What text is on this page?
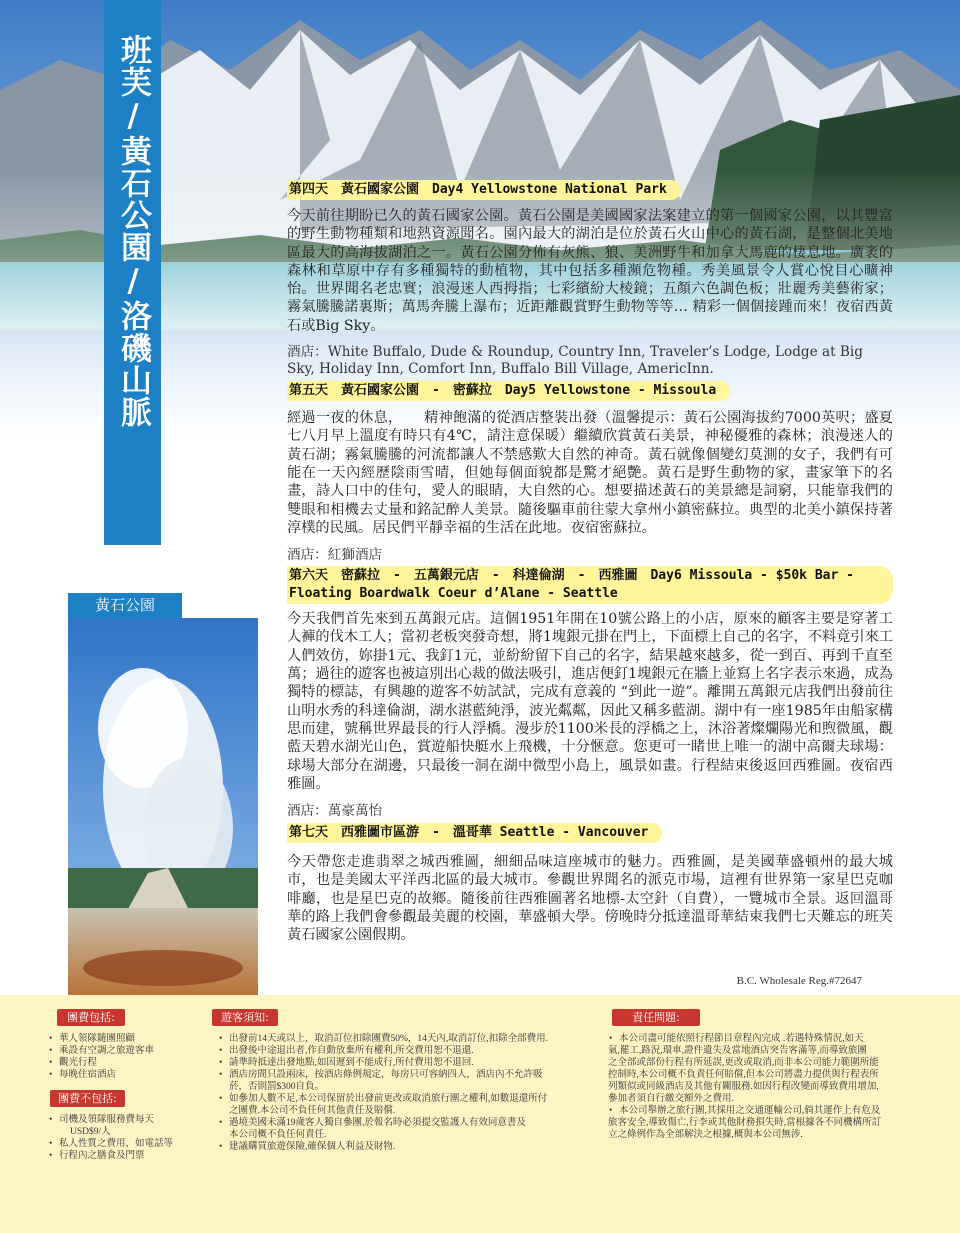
班芙/黃石公園/洛磯山脈
黃石公園
第四天　黃石國家公園　Day4 Yellowstone National Park

今天前往期盼已久的黃石國家公園。黃石公園是美國國家法案建立的第一個國家公園，以其豐富的野生動物種類和地熱資源聞名。園內最大的湖泊是位於黃石火山中心的黃石湖，是整個北美地區最大的高海拔湖泊之一。黃石公園分佈有灰熊、狼、美洲野牛和加拿大馬鹿的棲息地。廣袤的森林和草原中存有多種獨特的動植物，其中包括多種瀕危物種。秀美風景令人賞心悅目心曠神怡。世界聞名老忠實；浪漫迷人西拇指；七彩繽紛大棱鏡；五顏六色調色板；壯麗秀美藝術家；霧氣騰騰諾裏斯；萬馬奔騰上瀑布；近距離觀賞野生動物等等… 精彩一個個接踵而來！夜宿西黃石或Big Sky。

酒店：White Buffalo, Dude & Roundup, Country Inn, Traveler’s Lodge, Lodge at Big Sky, Holiday Inn, Comfort Inn, Buffalo Bill Village, AmericInn.

第五天　黃石國家公園　-　密蘇拉　Day5 Yellowstone - Missoula

經過一夜的休息，　　精神飽滿的從酒店整裝出發（溫馨提示：黃石公園海拔約7000英呎；盛夏七八月早上溫度有時只有4℃，請注意保暖）繼續欣賞黃石美景，神秘優雅的森林；浪漫迷人的黃石湖；霧氣騰騰的河流都讓人不禁感歎大自然的神奇。黃石就像個變幻莫測的女子，我們有可能在一天內經歷陰雨雪晴，但她每個面貌都是驚才絕艷。黃石是野生動物的家，畫家筆下的名畫，詩人口中的佳句，愛人的眼睛，大自然的心。想要描述黃石的美景總是詞窮，只能靠我們的雙眼和相機去丈量和銘記醉人美景。隨後驅車前往蒙大拿州小鎮密蘇拉。典型的北美小鎮保持著淳樸的民風。居民們平靜幸福的生活在此地。夜宿密蘇拉。

酒店：紅獅酒店

第六天　密蘇拉　-　五萬銀元店　-　科達倫湖　-　西雅圖　Day6 Missoula - $50k Bar - Floating Boardwalk Coeur d’Alane - Seattle

今天我們首先來到五萬銀元店。這個1951年開在10號公路上的小店，原來的顧客主要是穿著工人褲的伐木工人；當初老板突發奇想，將1塊銀元掛在門上，下面標上自己的名字，不料竟引來工人們效仿，妳掛1元、我釘1元，並紛紛留下自己的名字，結果越來越多，從一到百、再到千直至萬；過往的遊客也被這別出心裁的做法吸引，進店便釘1塊銀元在牆上並寫上名字表示來過，成為獨特的標誌，有興趣的遊客不妨試試，完成有意義的 “到此一遊”。離開五萬銀元店我們出發前往山明水秀的科達倫湖，湖水湛藍純淨，波光粼粼，因此又稱多藍湖。湖中有一座1985年由船家構思而建，號稱世界最長的行人浮橋。漫步於1100米長的浮橋之上，沐浴著燦爛陽光和煦微風，觀藍天碧水湖光山色，賞遊船快艇水上飛機，十分愜意。您更可一睹世上唯一的湖中高爾夫球場：球場大部分在湖邊，只最後一洞在湖中微型小島上，風景如畫。行程結束後返回西雅圖。夜宿西雅圖。

酒店：萬豪萬怡

第七天　西雅圖市區游　-　溫哥華 Seattle - Vancouver

今天帶您走進翡翠之城西雅圖，細細品味這座城市的魅力。西雅圖，是美國華盛頓州的最大城市，也是美國太平洋西北區的最大城市。參觀世界聞名的派克市場，這裡有世界第一家星巴克咖啡廳，也是星巴克的故鄉。隨後前往西雅圖著名地標-太空針（自費），一覽城市全景。返回溫哥華的路上我們會參觀最美麗的校園，華盛頓大學。傍晚時分抵達溫哥華結束我們七天難忘的班芙黃石國家公園假期。

B.C. Wholesale Reg.#72647
團費包括:
• 華人領隊隨團照顧
• 乘設有空調之旅遊客車
• 觀光行程
• 每晚住宿酒店
團費不包括:
• 司機及領隊服務費每天
USD$9/人
• 私人性質之費用，如電話等
• 行程內之膳食及門票
遊客須知:
• 出發前14天或以上，取消訂位扣除團費50%，14天內,取消訂位,扣除全部費用.
• 出發後中途退出者,作自動放棄所有權利,所交費用恕不退還.
• 請準時抵達出發地點,如因遲到不能成行,所付費用恕不退回.
• 酒店房間只設兩床，按酒店條例規定，每房只可容納四人，酒店內不允許吸
菸，否則罰$300自負。
• 如參加人數不足,本公司保留於出發前更改或取消旅行團之權利,如數退還所付
之團費.本公司不負任何其他責任及賠償.
• 過境美國未滿19歲客人獨自參團,於報名時必須提交監護人有效同意書及
本公司概不負任何責任.
• 建議購買旅遊保險,確保個人利益及財物.
責任問題:
• 本公司盡可能依照行程節目章程內完成 .若遇特殊情況,如天
氣,罷工,路況,環車,證件遺失及當地酒店突告客滿等,而導致旅團
之全部或部份行程有所延誤,更改或取消,而非本公司能力範圍所能
控制時,本公司概不負責任何賠償,但本公司將盡力提供與行程表所
列類似或同級酒店及其他有關服務.如因行程改變而導致費用增加,
參加者須自行繳交額外之費用.
• 本公司舉辦之旅行團,其採用之交通運輸公司,倘其運作上有危及
旅客安全,導致傷亡,行李或其他財務損失時,當根據各不同機構所訂
立之條例作為全部解決之根據,概與本公司無涉.
